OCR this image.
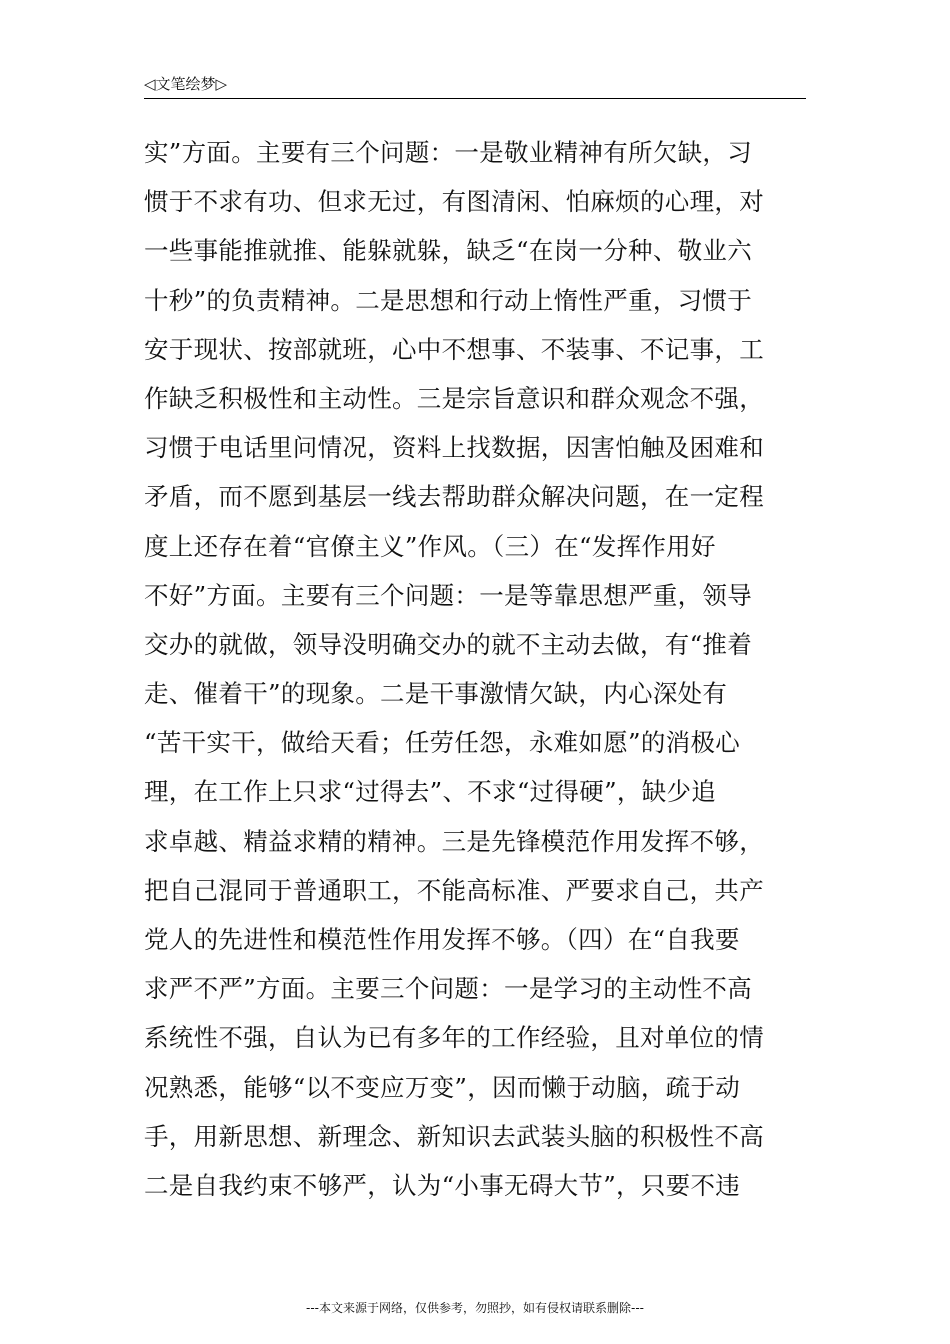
◁文笔绘梦▷
实”方面。主要有三个问题：一是敬业精神有所欠缺，习
惯于不求有功、但求无过，有图清闲、怕麻烦的心理，对
一些事能推就推、能躲就躲，缺乏“在岗一分种、敬业六
十秒”的负责精神。二是思想和行动上惰性严重，习惯于
安于现状、按部就班，心中不想事、不装事、不记事，工
作缺乏积极性和主动性。三是宗旨意识和群众观念不强，
习惯于电话里问情况，资料上找数据，因害怕触及困难和
矛盾，而不愿到基层一线去帮助群众解决问题，在一定程
度上还存在着“官僚主义”作风。（三）在“发挥作用好
不好”方面。主要有三个问题：一是等靠思想严重，领导
交办的就做，领导没明确交办的就不主动去做，有“推着
走、催着干”的现象。二是干事激情欠缺，内心深处有
“苦干实干，做给天看；任劳任怨，永难如愿”的消极心
理，在工作上只求“过得去”、不求“过得硬”，缺少追
求卓越、精益求精的精神。三是先锋模范作用发挥不够，
把自己混同于普通职工，不能高标准、严要求自己，共产
党人的先进性和模范性作用发挥不够。（四）在“自我要
求严不严”方面。主要三个问题：一是学习的主动性不高
系统性不强，自认为已有多年的工作经验，且对单位的情
况熟悉，能够“以不变应万变”，因而懒于动脑，疏于动
手，用新思想、新理念、新知识去武装头脑的积极性不高
二是自我约束不够严，认为“小事无碍大节”，只要不违
---本文来源于网络，仅供参考，勿照抄，如有侵权请联系删除---
